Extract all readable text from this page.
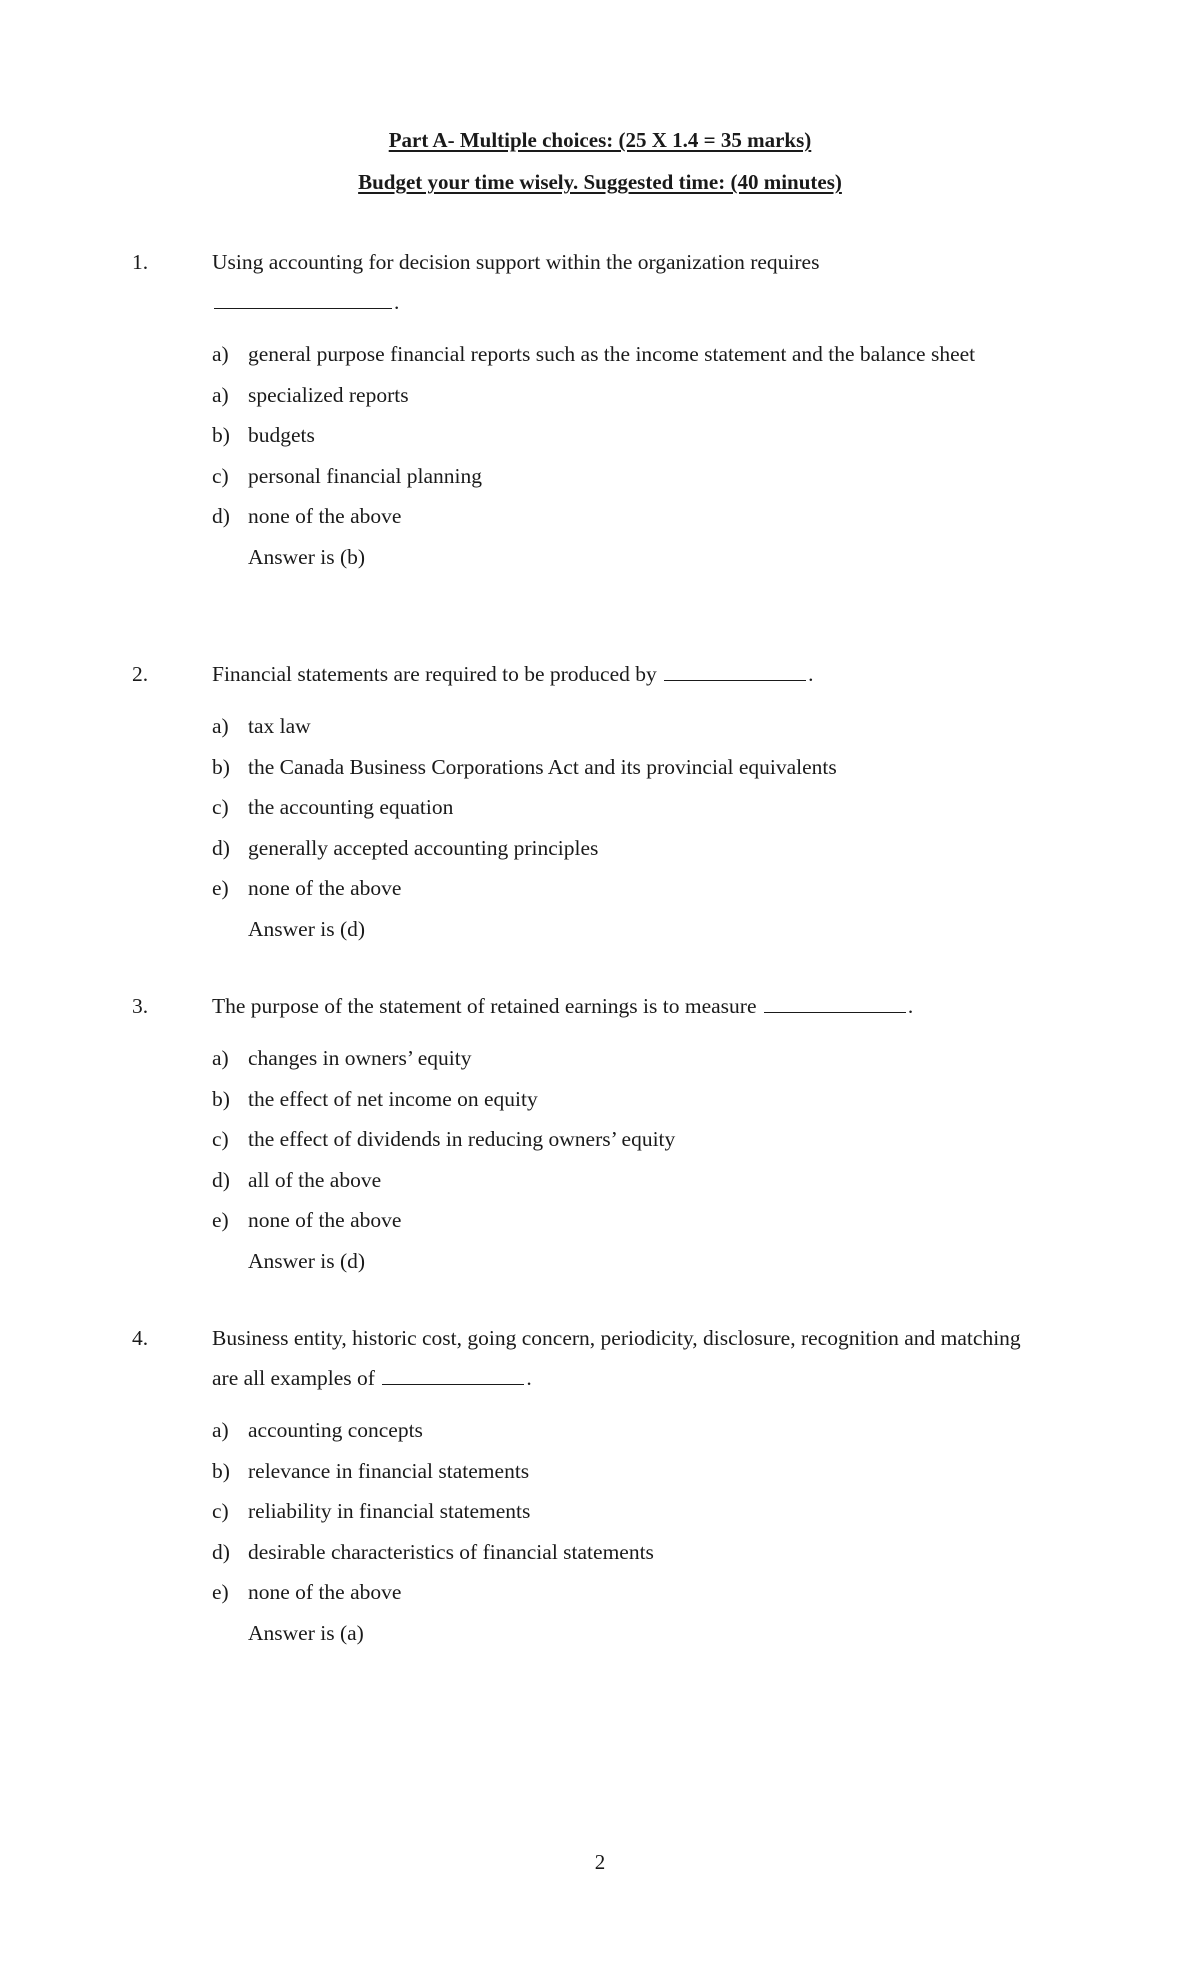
Part A- Multiple choices: (25 X 1.4 = 35 marks)
Budget your time wisely. Suggested time: (40 minutes)
1.	Using accounting for decision support within the organization requires
.
a) general purpose financial reports such as the income statement and the balance sheet
a) specialized reports
b) budgets
c) personal financial planning
d) none of the above
Answer is (b)
2.	Financial statements are required to be produced by	.
a) tax law
b) the Canada Business Corporations Act and its provincial equivalents
c) the accounting equation
d) generally accepted accounting principles
e) none of the above
Answer is (d)
3.	The purpose of the statement of retained earnings is to measure	.
a) changes in owners’ equity
b) the effect of net income on equity
c) the effect of dividends in reducing owners’ equity
d) all of the above
e) none of the above
Answer is (d)
4.	Business entity, historic cost, going concern, periodicity, disclosure, recognition and matching are all examples of	.
a) accounting concepts
b) relevance in financial statements
c) reliability in financial statements
d) desirable characteristics of financial statements
e) none of the above
Answer is (a)
2
